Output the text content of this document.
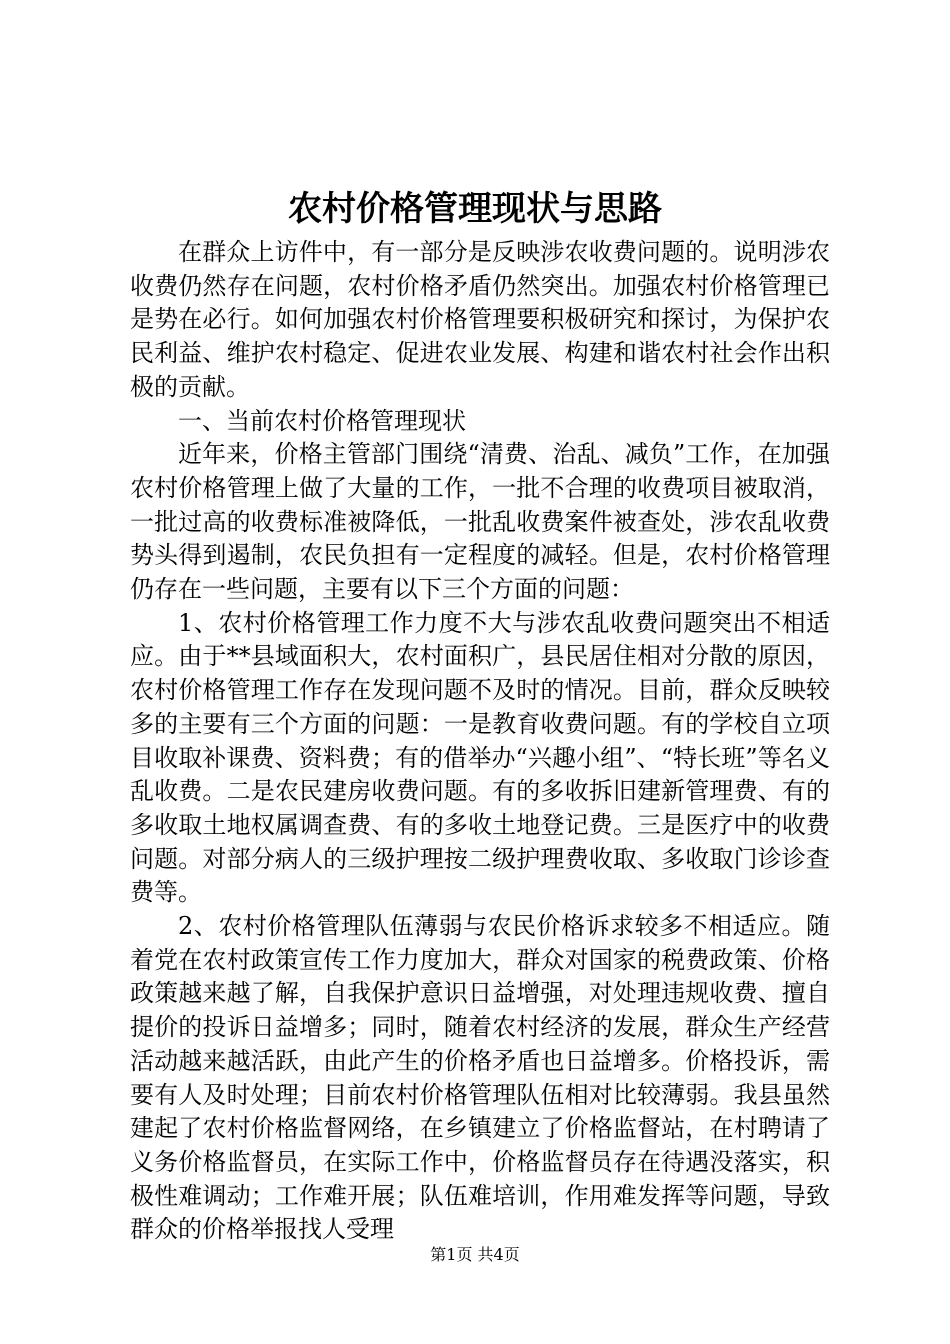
农村价格管理现状与思路

在群众上访件中，有一部分是反映涉农收费问题的。说明涉农收费仍然存在问题，农村价格矛盾仍然突出。加强农村价格管理已是势在必行。如何加强农村价格管理要积极研究和探讨，为保护农民利益、维护农村稳定、促进农业发展、构建和谐农村社会作出积极的贡献。

一、当前农村价格管理现状

近年来，价格主管部门围绕“清费、治乱、减负”工作，在加强农村价格管理上做了大量的工作，一批不合理的收费项目被取消，一批过高的收费标准被降低，一批乱收费案件被查处，涉农乱收费势头得到遏制，农民负担有一定程度的减轻。但是，农村价格管理仍存在一些问题，主要有以下三个方面的问题：

1、农村价格管理工作力度不大与涉农乱收费问题突出不相适应。由于**县域面积大，农村面积广，县民居住相对分散的原因，农村价格管理工作存在发现问题不及时的情况。目前，群众反映较多的主要有三个方面的问题：一是教育收费问题。有的学校自立项目收取补课费、资料费；有的借举办“兴趣小组”、“特长班”等名义乱收费。二是农民建房收费问题。有的多收拆旧建新管理费、有的多收取土地权属调查费、有的多收土地登记费。三是医疗中的收费问题。对部分病人的三级护理按二级护理费收取、多收取门诊诊查费等。

2、农村价格管理队伍薄弱与农民价格诉求较多不相适应。随着党在农村政策宣传工作力度加大，群众对国家的税费政策、价格政策越来越了解，自我保护意识日益增强，对处理违规收费、擅自提价的投诉日益增多；同时，随着农村经济的发展，群众生产经营活动越来越活跃，由此产生的价格矛盾也日益增多。价格投诉，需要有人及时处理；目前农村价格管理队伍相对比较薄弱。我县虽然建起了农村价格监督网络，在乡镇建立了价格监督站，在村聘请了义务价格监督员，在实际工作中，价格监督员存在待遇没落实，积极性难调动；工作难开展；队伍难培训，作用难发挥等问题，导致群众的价格举报找人受理

第1页 共4页
